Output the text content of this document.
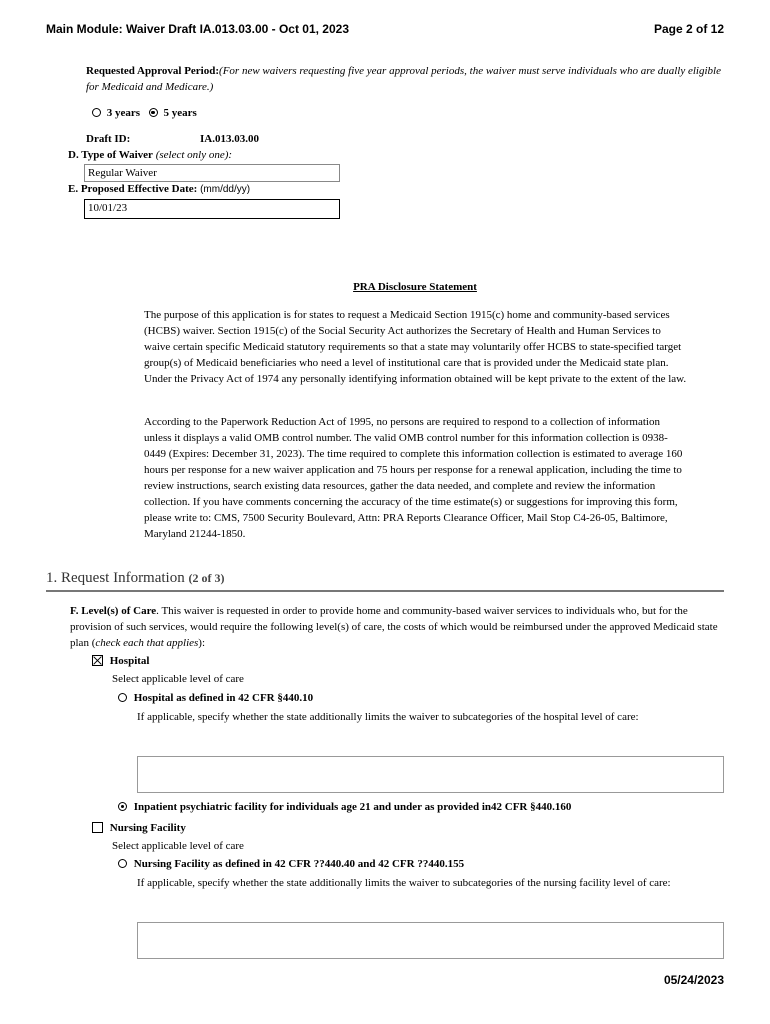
Main Module: Waiver Draft IA.013.03.00 - Oct 01, 2023	Page 2 of 12
Requested Approval Period:(For new waivers requesting five year approval periods, the waiver must serve individuals who are dually eligible for Medicaid and Medicare.)
3 years 5 years
Draft ID:	IA.013.03.00
D. Type of Waiver (select only one):
Regular Waiver
E. Proposed Effective Date: (mm/dd/yy)
10/01/23
PRA Disclosure Statement
The purpose of this application is for states to request a Medicaid Section 1915(c) home and community-based services (HCBS) waiver. Section 1915(c) of the Social Security Act authorizes the Secretary of Health and Human Services to waive certain specific Medicaid statutory requirements so that a state may voluntarily offer HCBS to state-specified target group(s) of Medicaid beneficiaries who need a level of institutional care that is provided under the Medicaid state plan. Under the Privacy Act of 1974 any personally identifying information obtained will be kept private to the extent of the law.
According to the Paperwork Reduction Act of 1995, no persons are required to respond to a collection of information unless it displays a valid OMB control number. The valid OMB control number for this information collection is 0938-0449 (Expires: December 31, 2023). The time required to complete this information collection is estimated to average 160 hours per response for a new waiver application and 75 hours per response for a renewal application, including the time to review instructions, search existing data resources, gather the data needed, and complete and review the information collection. If you have comments concerning the accuracy of the time estimate(s) or suggestions for improving this form, please write to: CMS, 7500 Security Boulevard, Attn: PRA Reports Clearance Officer, Mail Stop C4-26-05, Baltimore, Maryland 21244-1850.
1. Request Information (2 of 3)
F. Level(s) of Care. This waiver is requested in order to provide home and community-based waiver services to individuals who, but for the provision of such services, would require the following level(s) of care, the costs of which would be reimbursed under the approved Medicaid state plan (check each that applies):
Hospital
Select applicable level of care
Hospital as defined in 42 CFR §440.10
If applicable, specify whether the state additionally limits the waiver to subcategories of the hospital level of care:
Inpatient psychiatric facility for individuals age 21 and under as provided in42 CFR §440.160
Nursing Facility
Select applicable level of care
Nursing Facility as defined in 42 CFR ??440.40 and 42 CFR ??440.155
If applicable, specify whether the state additionally limits the waiver to subcategories of the nursing facility level of care:
05/24/2023
